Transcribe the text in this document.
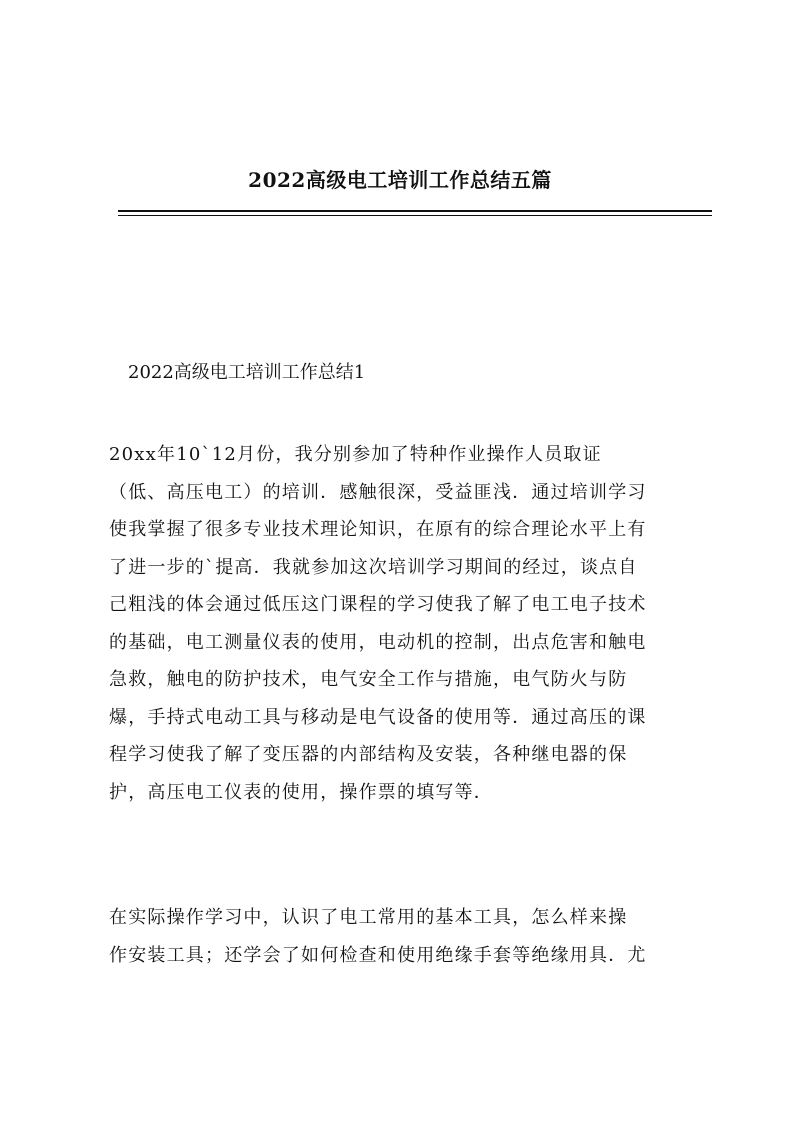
2022高级电工培训工作总结五篇
2022高级电工培训工作总结1
20xx年10`12月份，我分别参加了特种作业操作人员取证
（低、高压电工）的培训．感触很深，受益匪浅．通过培训学习
使我掌握了很多专业技术理论知识，在原有的综合理论水平上有
了进一步的`提高．我就参加这次培训学习期间的经过，谈点自
己粗浅的体会通过低压这门课程的学习使我了解了电工电子技术
的基础，电工测量仪表的使用，电动机的控制，出点危害和触电
急救，触电的防护技术，电气安全工作与措施，电气防火与防
爆，手持式电动工具与移动是电气设备的使用等．通过高压的课
程学习使我了解了变压器的内部结构及安装，各种继电器的保
护，高压电工仪表的使用，操作票的填写等．
在实际操作学习中，认识了电工常用的基本工具，怎么样来操
作安装工具；还学会了如何检查和使用绝缘手套等绝缘用具．尤
